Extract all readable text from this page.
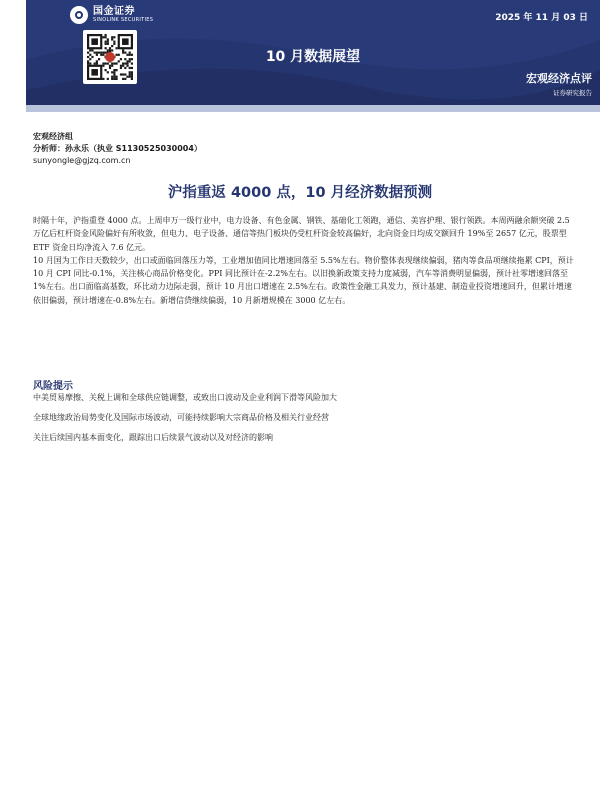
国金证券
SINOLINK SECURITIES	2025 年 11 月 03 日
10 月数据展望
宏观经济点评
证券研究报告
宏观经济组
分析师：孙永乐（执业 S1130525030004）
sunyongle@gjzq.com.cn
沪指重返 4000 点，10 月经济数据预测

时隔十年，沪指重登 4000 点。上周申万一级行业中，电力设备、有色金属、钢铁、基础化工领跑，通信、美容护理、银行领跌。本周两融余额突破 2.5 万亿后杠杆资金风险偏好有所收敛，但电力、电子设备、通信等热门板块仍受杠杆资金较高偏好，北向资金日均成交额回升 19%至 2657 亿元，股票型 ETF 资金日均净流入 7.6 亿元。

10 月国为工作日天数较少，出口或面临回落压力等，工业增加值同比增速回落至 5.5%左右。物价整体表现继续偏弱，猪肉等食品项继续拖累 CPI，预计 10 月 CPI 同比-0.1%，关注核心商品价格变化。PPI 同比预计在-2.2%左右。以旧换新政策支持力度减弱，汽车等消费明显偏弱，预计社零增速回落至 1%左右。出口面临高基数，环比动力边际走弱，预计 10 月出口增速在 2.5%左右。政策性金融工具发力，预计基建、制造业投资增速回升，但累计增速依旧偏弱，预计增速在-0.8%左右。新增信贷继续偏弱，10 月新增规模在 3000 亿左右。

风险提示
中美贸易摩擦、关税上调和全球供应链调整，或致出口波动及企业利润下滑等风险加大
全球地缘政治局势变化及国际市场波动，可能持续影响大宗商品价格及相关行业经营
关注后续国内基本面变化，跟踪出口后续景气波动以及对经济的影响
